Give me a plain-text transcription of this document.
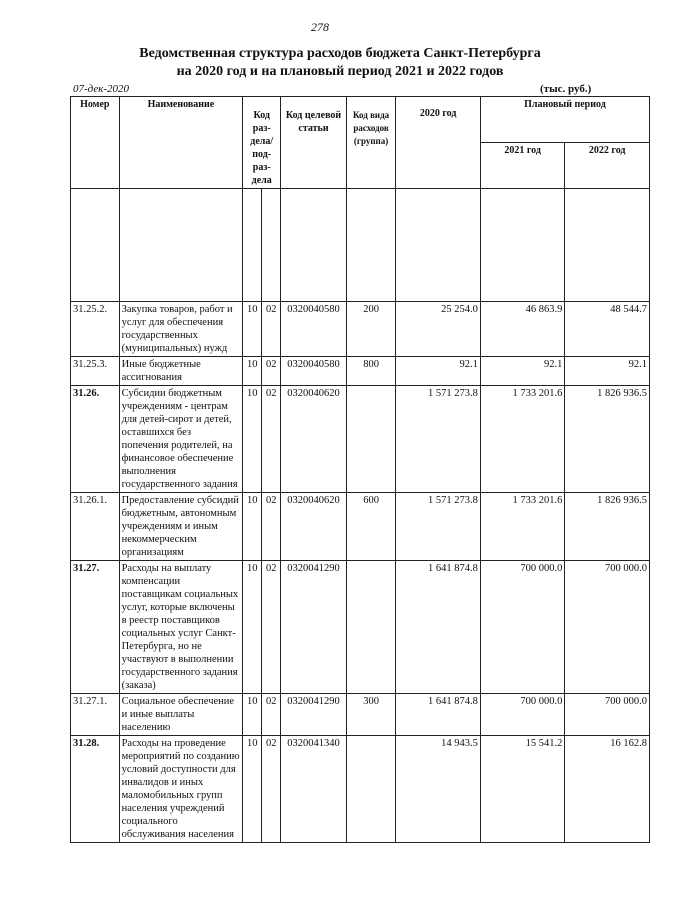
278
Ведомственная структура расходов бюджета Санкт-Петербурга
на 2020 год и на плановый период 2021 и 2022 годов
07-дек-2020	(тыс. руб.)
Номер	Наименование	Код раз-дела/ под-раз-дела		Код целевой статьи	Код вида расходов (группа)	2020 год	Плановый период	
							2021 год	2022 год

31.25.2.	Закупка товаров, работ и услуг для обеспечения государственных (муниципальных) нужд	10	02	0320040580	200	25 254.0	46 863.9	48 544.7
31.25.3.	Иные бюджетные ассигнования	10	02	0320040580	800	92.1	92.1	92.1
31.26.	Субсидии бюджетным учреждениям - центрам для детей-сирот и детей, оставшихся без попечения родителей, на финансовое обеспечение выполнения государственного задания	10	02	0320040620		1 571 273.8	1 733 201.6	1 826 936.5
31.26.1.	Предоставление субсидий бюджетным, автономным учреждениям и иным некоммерческим организациям	10	02	0320040620	600	1 571 273.8	1 733 201.6	1 826 936.5
31.27.	Расходы на выплату компенсации поставщикам социальных услуг, которые включены в реестр поставщиков социальных услуг Санкт-Петербурга, но не участвуют в выполнении государственного задания (заказа)	10	02	0320041290		1 641 874.8	700 000.0	700 000.0
31.27.1.	Социальное обеспечение и иные выплаты населению	10	02	0320041290	300	1 641 874.8	700 000.0	700 000.0
31.28.	Расходы на проведение мероприятий по созданию условий доступности для инвалидов и иных маломобильных групп населения учреждений социального обслуживания населения	10	02	0320041340		14 943.5	15 541.2	16 162.8
